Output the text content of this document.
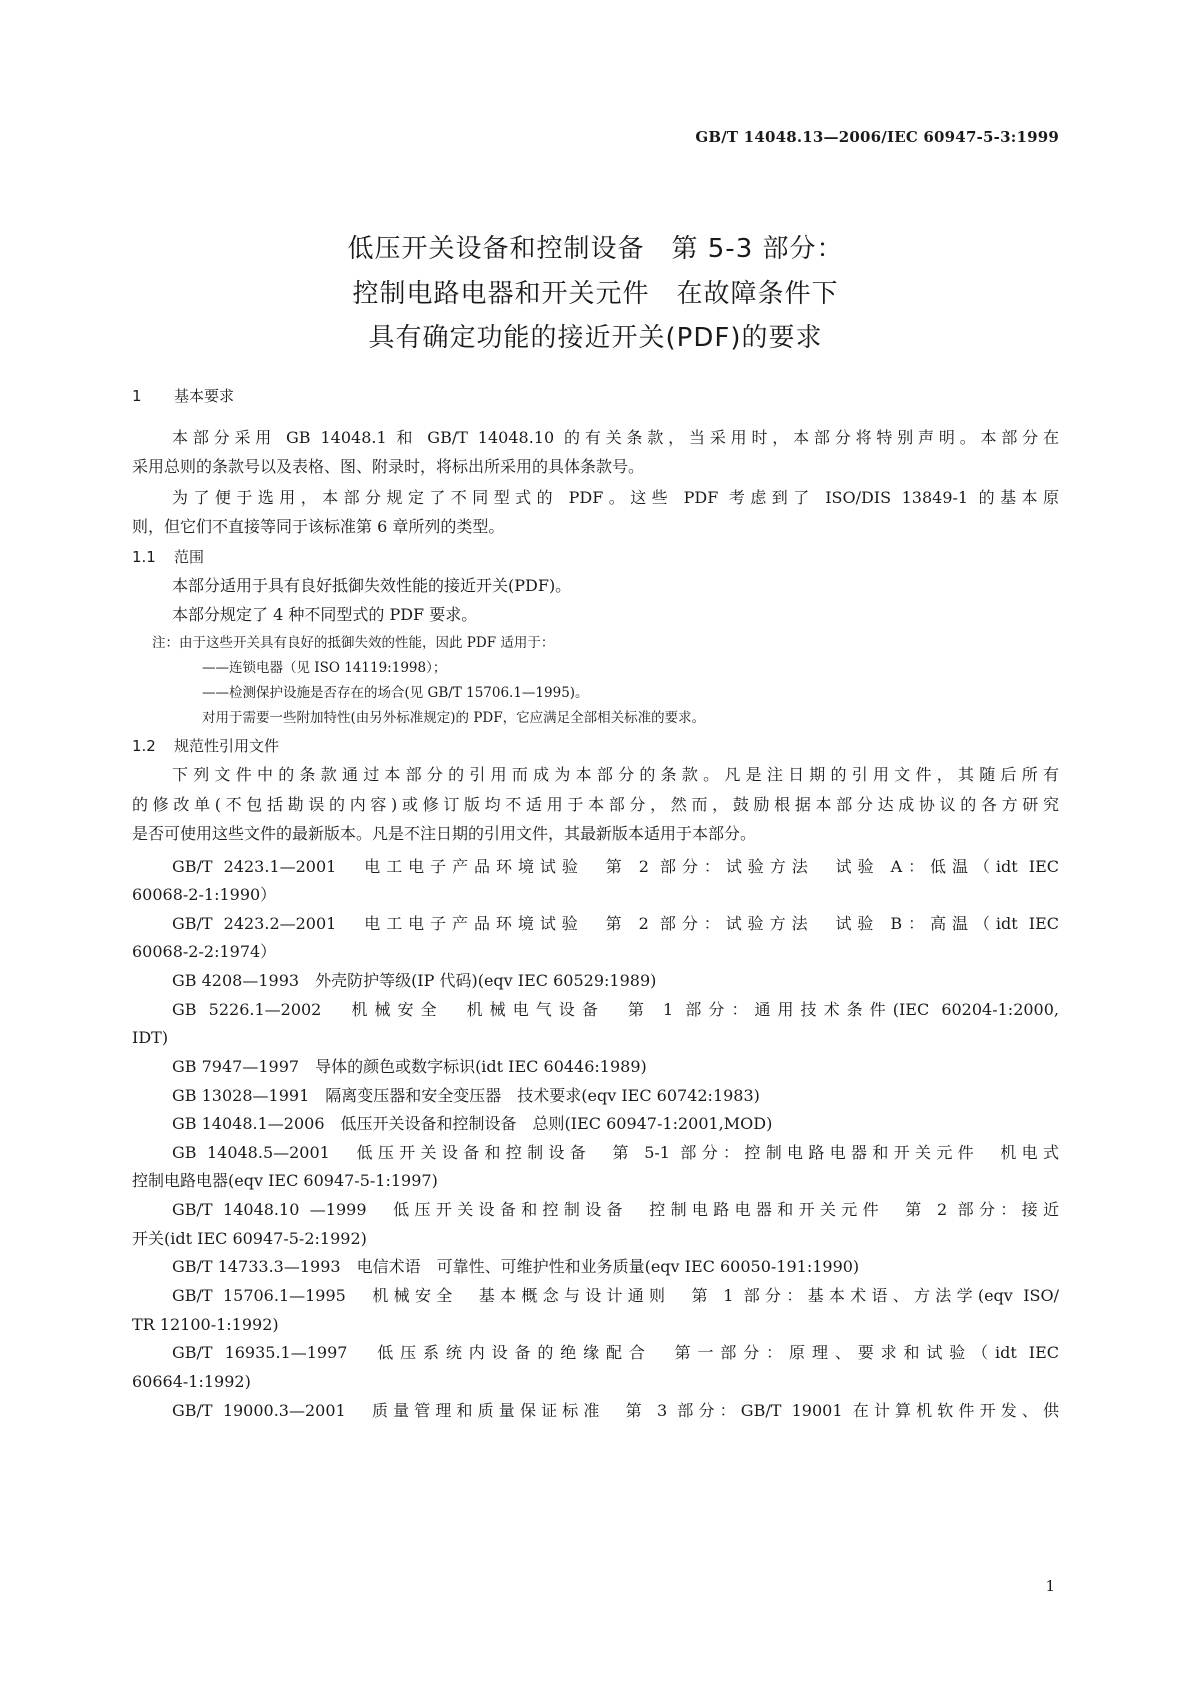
GB/T 14048.13—2006/IEC 60947-5-3:1999
低压开关设备和控制设备　第 5-3 部分：
控制电路电器和开关元件　在故障条件下
具有确定功能的接近开关(PDF)的要求
1 基本要求
本部分采用 GB 14048.1 和 GB/T 14048.10 的有关条款，当采用时，本部分将特别声明。本部分在
采用总则的条款号以及表格、图、附录时，将标出所采用的具体条款号。
为了便于选用，本部分规定了不同型式的 PDF。这些 PDF 考虑到了 ISO/DIS 13849-1 的基本原
则，但它们不直接等同于该标准第 6 章所列的类型。
1.1 范围
本部分适用于具有良好抵御失效性能的接近开关(PDF)。
本部分规定了 4 种不同型式的 PDF 要求。
注：由于这些开关具有良好的抵御失效的性能，因此 PDF 适用于：
——连锁电器（见 ISO 14119:1998）；
——检测保护设施是否存在的场合(见 GB/T 15706.1—1995)。
对用于需要一些附加特性(由另外标准规定)的 PDF，它应满足全部相关标准的要求。
1.2 规范性引用文件
下列文件中的条款通过本部分的引用而成为本部分的条款。凡是注日期的引用文件，其随后所有
的修改单(不包括勘误的内容)或修订版均不适用于本部分，然而，鼓励根据本部分达成协议的各方研究
是否可使用这些文件的最新版本。凡是不注日期的引用文件，其最新版本适用于本部分。
GB/T 2423.1—2001　电工电子产品环境试验　第 2 部分：试验方法　试验 A：低温（idt IEC
60068-2-1:1990）
GB/T 2423.2—2001　电工电子产品环境试验　第 2 部分：试验方法　试验 B：高温（idt IEC
60068-2-2:1974）
GB 4208—1993　外壳防护等级(IP 代码)(eqv IEC 60529:1989)
GB 5226.1—2002　机械安全　机械电气设备　第 1 部分：通用技术条件(IEC 60204-1:2000,
IDT)
GB 7947—1997　导体的颜色或数字标识(idt IEC 60446:1989)
GB 13028—1991　隔离变压器和安全变压器　技术要求(eqv IEC 60742:1983)
GB 14048.1—2006　低压开关设备和控制设备　总则(IEC 60947-1:2001,MOD)
GB 14048.5—2001　低压开关设备和控制设备　第 5-1 部分：控制电路电器和开关元件　机电式
控制电路电器(eqv IEC 60947-5-1:1997)
GB/T 14048.10 —1999　低压开关设备和控制设备　控制电路电器和开关元件　第 2 部分：接近
开关(idt IEC 60947-5-2:1992)
GB/T 14733.3—1993　电信术语　可靠性、可维护性和业务质量(eqv IEC 60050-191:1990)
GB/T 15706.1—1995　机械安全　基本概念与设计通则　第 1 部分：基本术语、方法学(eqv ISO/
TR 12100-1:1992)
GB/T 16935.1—1997　低压系统内设备的绝缘配合　第一部分：原理、要求和试验（idt IEC
60664-1:1992)
GB/T 19000.3—2001　质量管理和质量保证标准　第 3 部分：GB/T 19001 在计算机软件开发、供
1
